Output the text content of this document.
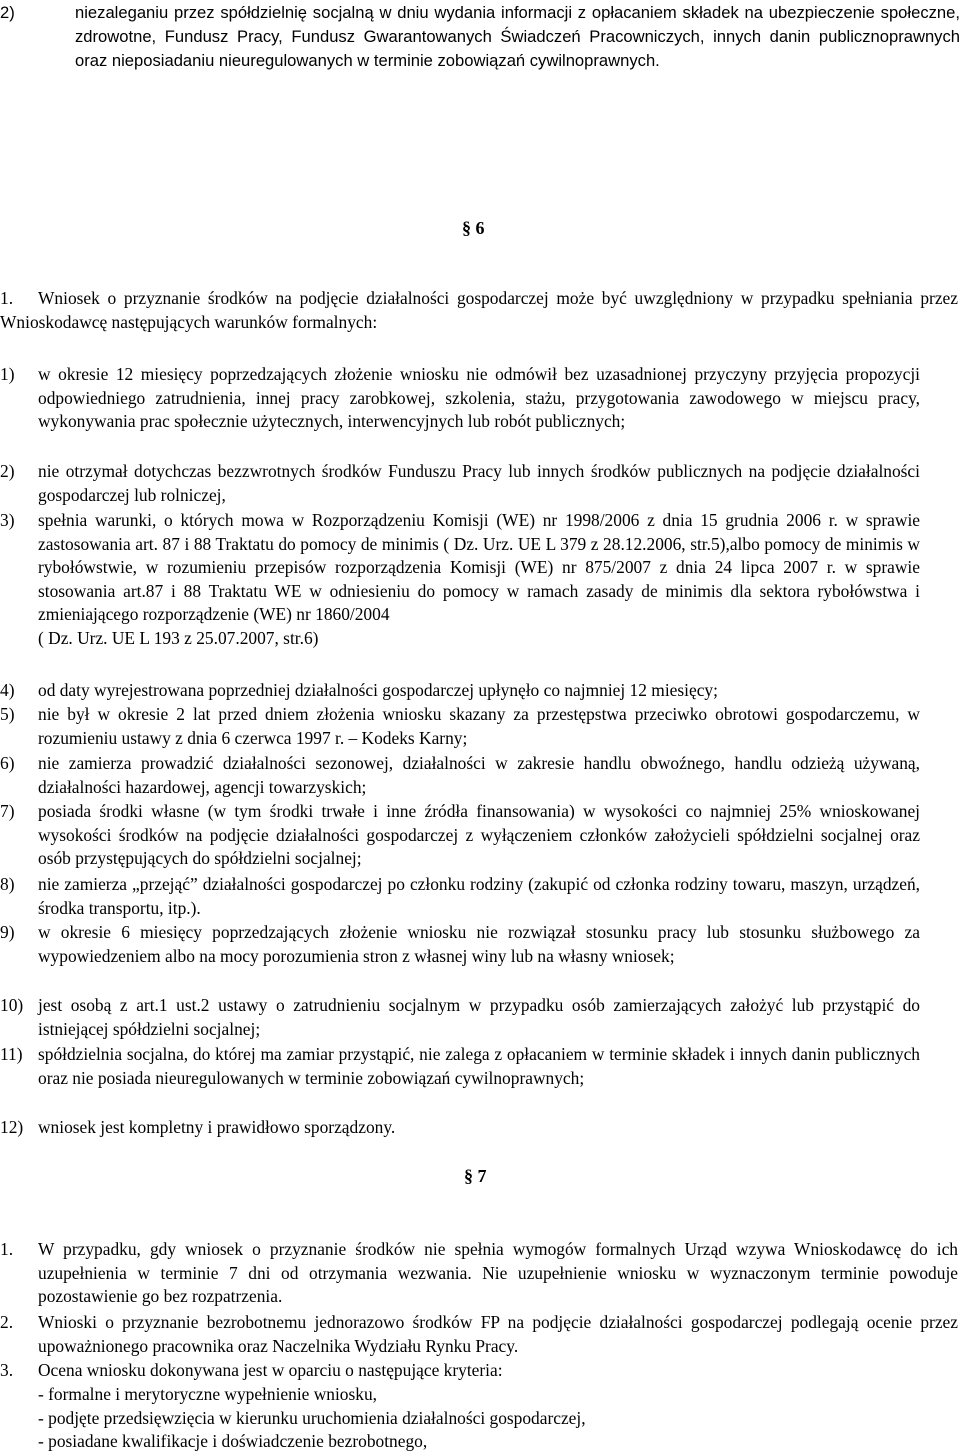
2)	niezaleganiu przez spółdzielnię socjalną w dniu wydania informacji z opłacaniem składek na ubezpieczenie społeczne, zdrowotne, Fundusz Pracy, Fundusz Gwarantowanych Świadczeń Pracowniczych, innych danin publicznoprawnych oraz nieposiadaniu nieuregulowanych w terminie zobowiązań cywilnoprawnych.
§ 6
1.	Wniosek o przyznanie środków na podjęcie działalności gospodarczej może być uwzględniony w przypadku spełniania przez Wnioskodawcę następujących warunków formalnych:
1)	w okresie 12 miesięcy poprzedzających złożenie wniosku nie odmówił bez uzasadnionej przyczyny przyjęcia propozycji odpowiedniego zatrudnienia, innej pracy zarobkowej, szkolenia, stażu, przygotowania zawodowego w miejscu pracy, wykonywania prac społecznie użytecznych, interwencyjnych lub robót publicznych;
2)	nie otrzymał dotychczas bezzwrotnych środków Funduszu Pracy lub innych środków publicznych na podjęcie działalności gospodarczej lub rolniczej,
3)	spełnia warunki, o których mowa w Rozporządzeniu Komisji (WE) nr 1998/2006 z dnia 15 grudnia 2006 r. w sprawie zastosowania art. 87 i 88 Traktatu do pomocy de minimis ( Dz. Urz. UE L 379 z 28.12.2006, str.5),albo pomocy de minimis w rybołówstwie, w rozumieniu przepisów rozporządzenia Komisji (WE) nr 875/2007 z dnia 24 lipca 2007 r. w sprawie stosowania art.87 i 88 Traktatu WE w odniesieniu do pomocy w ramach zasady de minimis dla sektora rybołówstwa i zmieniającego rozporządzenie (WE) nr 1860/2004
( Dz. Urz. UE L 193 z 25.07.2007, str.6)
4)	od daty wyrejestrowana poprzedniej działalności gospodarczej upłynęło co najmniej 12 miesięcy;
5)	nie był w okresie 2 lat przed dniem złożenia wniosku skazany za przestępstwa przeciwko obrotowi gospodarczemu, w rozumieniu ustawy z dnia 6 czerwca 1997 r. – Kodeks Karny;
6)	nie zamierza prowadzić działalności sezonowej, działalności w zakresie handlu obwoźnego, handlu odzieżą używaną, działalności hazardowej, agencji towarzyskich;
7)	posiada środki własne (w tym środki trwałe i inne źródła finansowania) w wysokości co najmniej 25% wnioskowanej wysokości środków na podjęcie działalności gospodarczej z wyłączeniem członków założycieli spółdzielni socjalnej oraz osób przystępujących do spółdzielni socjalnej;
8)	nie zamierza „przejąć” działalności gospodarczej po członku rodziny (zakupić od członka rodziny towaru, maszyn, urządzeń, środka transportu, itp.).
9)	w okresie 6 miesięcy poprzedzających złożenie wniosku nie rozwiązał stosunku pracy lub stosunku służbowego za wypowiedzeniem albo na mocy porozumienia stron z własnej winy lub na własny wniosek;
10) jest osobą z art.1 ust.2 ustawy o zatrudnieniu socjalnym w przypadku osób zamierzających założyć lub przystąpić do istniejącej spółdzielni socjalnej;
11) spółdzielnia socjalna, do której ma zamiar przystąpić, nie zalega z opłacaniem w terminie składek i innych danin publicznych oraz nie posiada nieuregulowanych w terminie zobowiązań cywilnoprawnych;
12) wniosek jest kompletny i prawidłowo sporządzony.
§ 7
1.	W przypadku, gdy wniosek o przyznanie środków nie spełnia wymogów formalnych Urząd wzywa Wnioskodawcę do ich uzupełnienia w terminie 7 dni od otrzymania wezwania. Nie uzupełnienie wniosku w wyznaczonym terminie powoduje pozostawienie go bez rozpatrzenia.
2.	Wnioski o przyznanie bezrobotnemu jednorazowo środków FP na podjęcie działalności gospodarczej podlegają ocenie przez upoważnionego pracownika oraz Naczelnika Wydziału Rynku Pracy.
3.	Ocena wniosku dokonywana jest w oparciu o następujące kryteria:
- formalne i merytoryczne wypełnienie wniosku,
- podjęte przedsięwzięcia w kierunku uruchomienia działalności gospodarczej,
- posiadane kwalifikacje i doświadczenie bezrobotnego,
